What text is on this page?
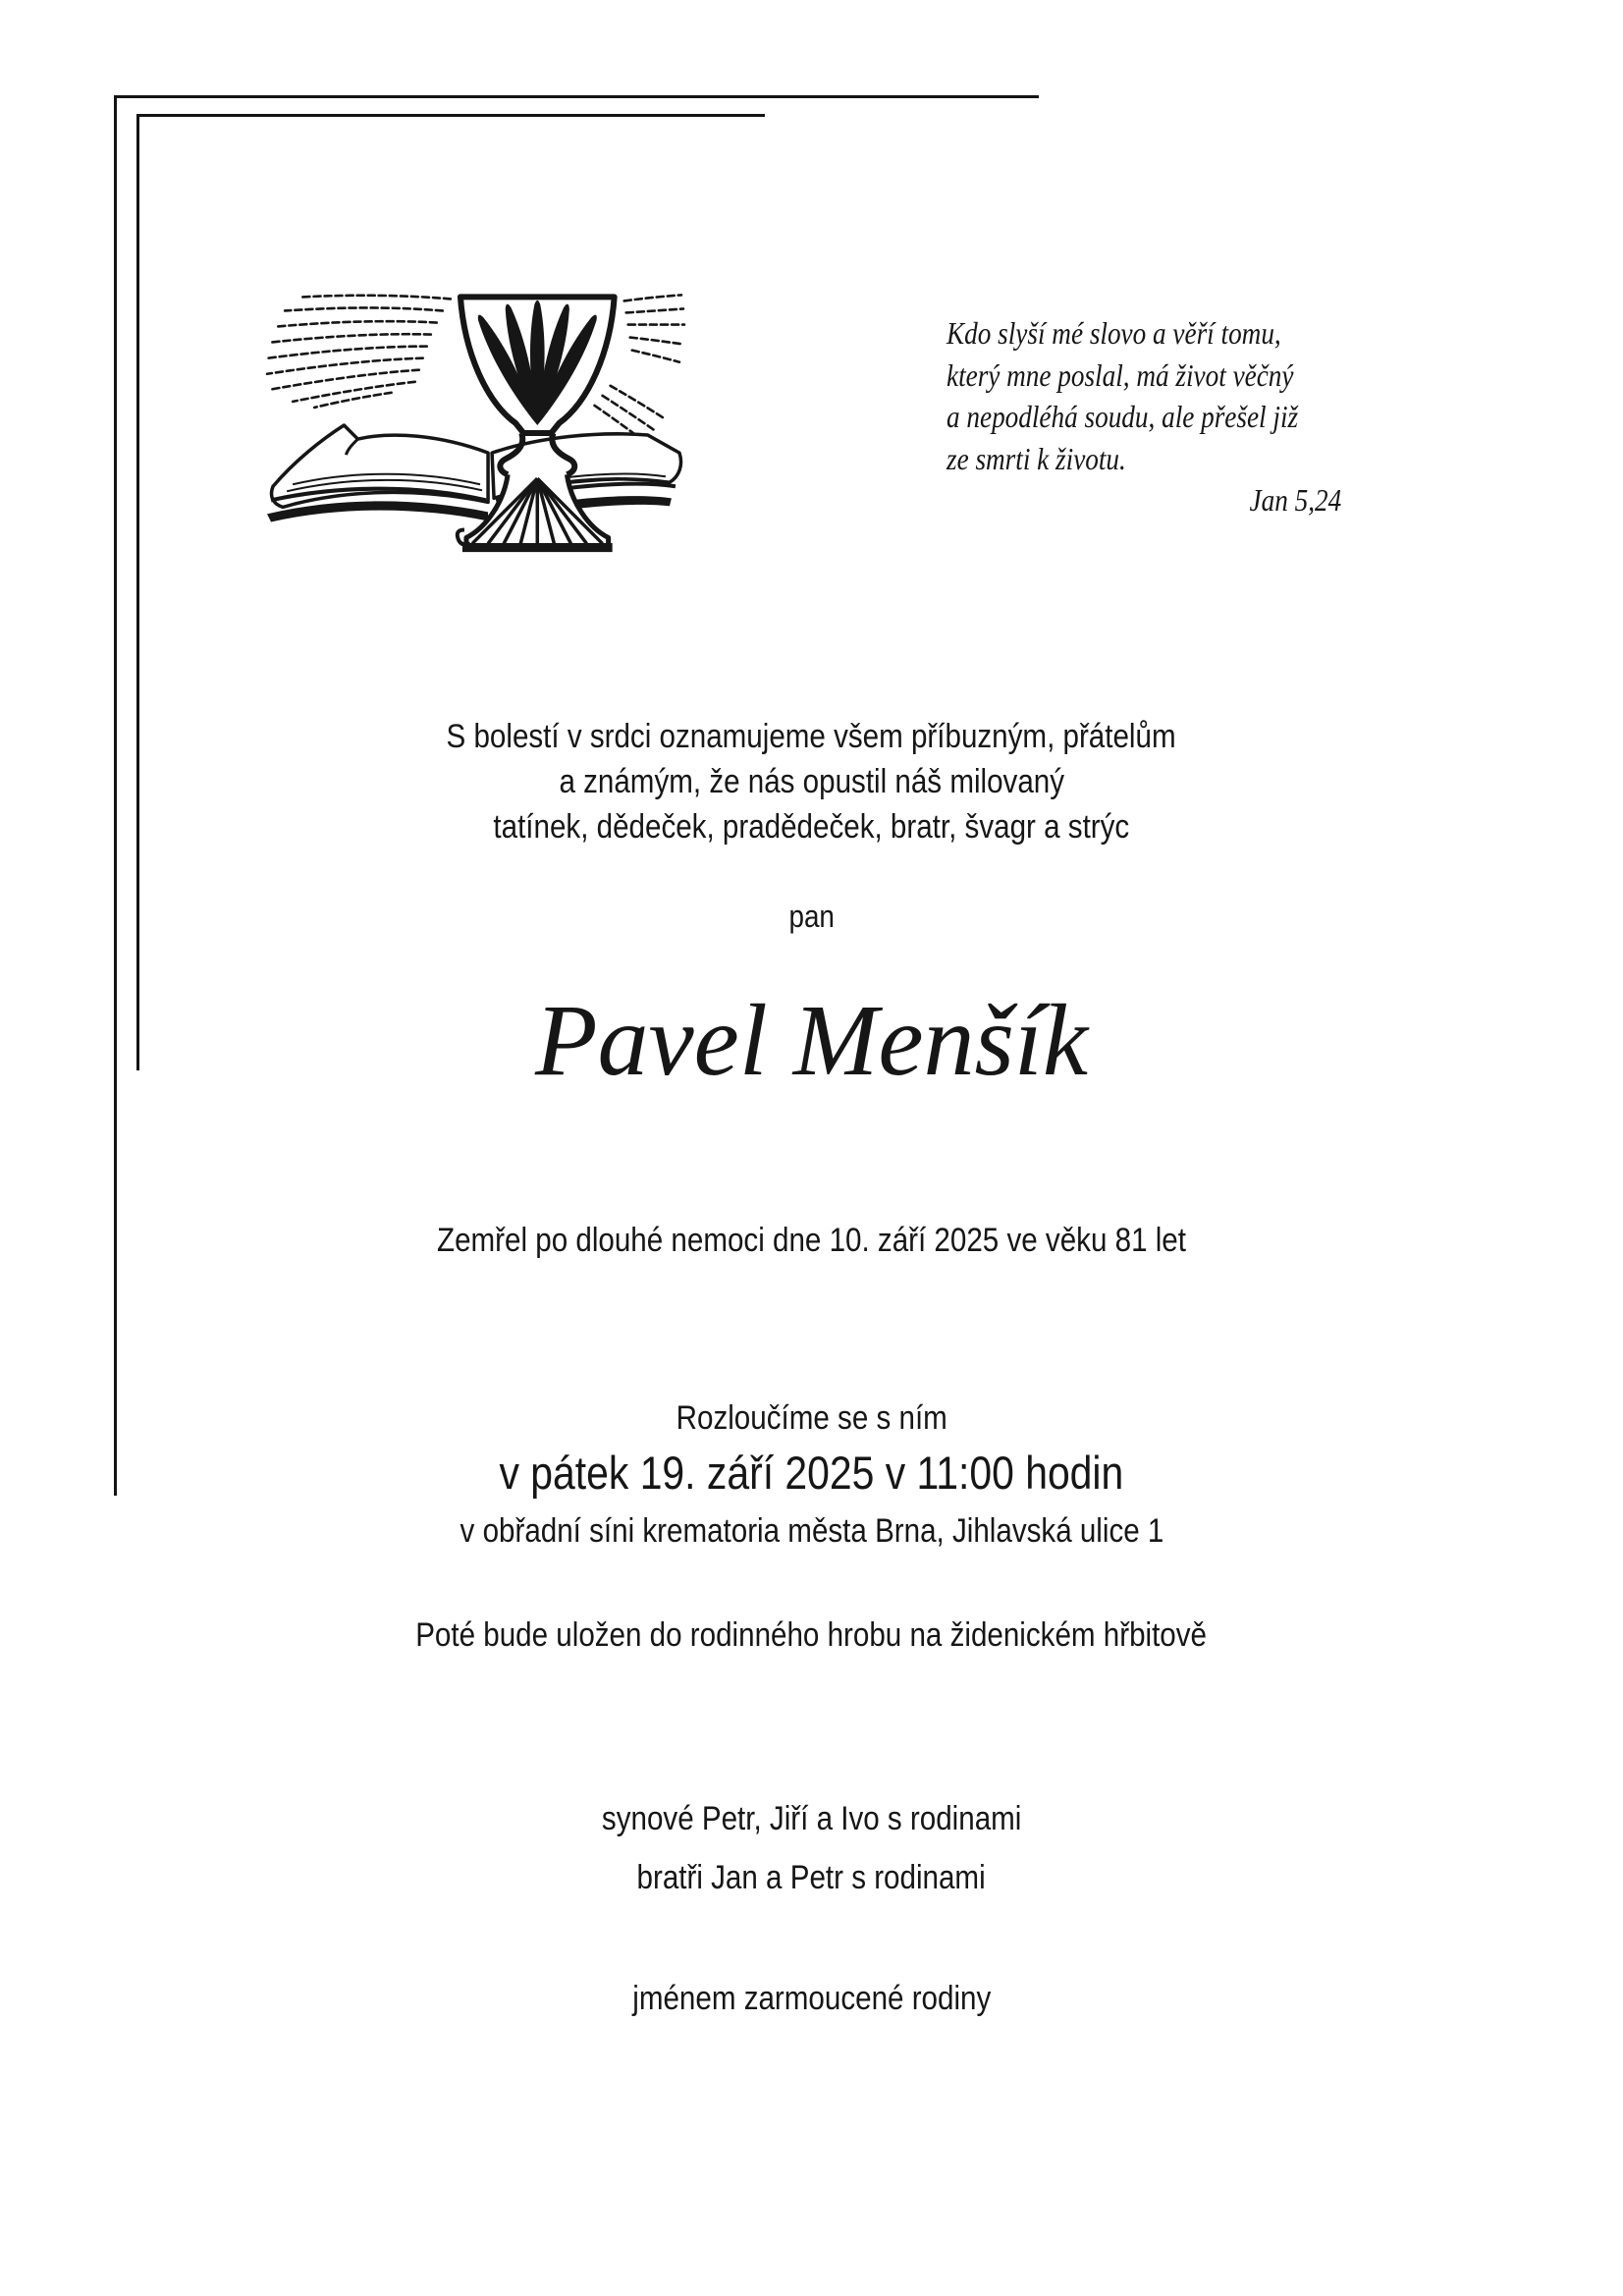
Kdo slyší mé slovo a věří tomu,
který mne poslal, má život věčný
a nepodléhá soudu, ale přešel již
ze smrti k životu.
Jan 5,24
S bolestí v srdci oznamujeme všem příbuzným, přátelům
a známým, že nás opustil náš milovaný
tatínek, dědeček, pradědeček, bratr, švagr a strýc
pan
Pavel Menšík
Zemřel po dlouhé nemoci dne 10. září 2025 ve věku 81 let
Rozloučíme se s ním
v pátek 19. září 2025 v 11:00 hodin
v obřadní síni krematoria města Brna, Jihlavská ulice 1
Poté bude uložen do rodinného hrobu na židenickém hřbitově
synové Petr, Jiří a Ivo s rodinami
bratři Jan a Petr s rodinami
jménem zarmoucené rodiny
